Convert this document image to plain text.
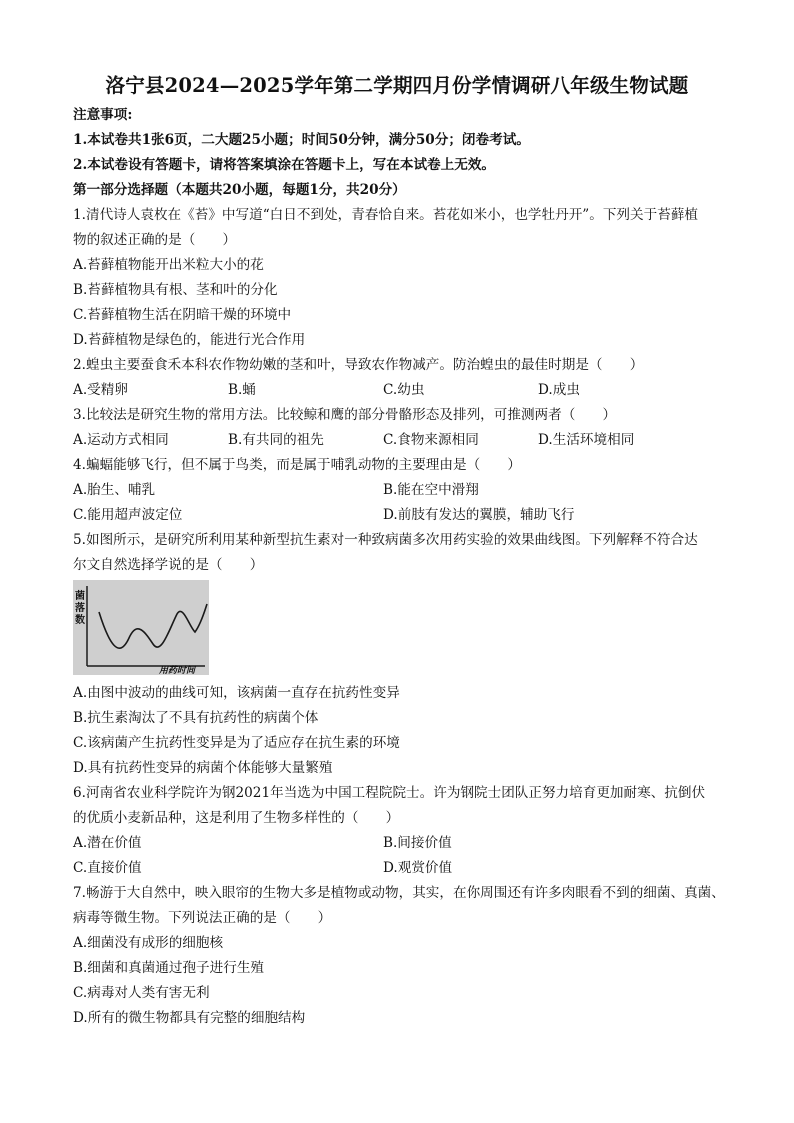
洛宁县2024—2025学年第二学期四月份学情调研八年级生物试题
注意事项:
1.本试卷共1张6页，二大题25小题；时间50分钟，满分50分；闭卷考试。
2.本试卷设有答题卡，请将答案填涂在答题卡上，写在本试卷上无效。
第一部分选择题（本题共20小题，每题1分，共20分）
1.清代诗人袁枚在《苔》中写道“白日不到处，青春恰自来。苔花如米小，也学牡丹开”。下列关于苔藓植
物的叙述正确的是（　　）
A.苔藓植物能开出米粒大小的花
B.苔藓植物具有根、茎和叶的分化
C.苔藓植物生活在阴暗干燥的环境中
D.苔藓植物是绿色的，能进行光合作用
2.蝗虫主要蚕食禾本科农作物幼嫩的茎和叶，导致农作物减产。防治蝗虫的最佳时期是（　　）
A.受精卵	B.蛹	C.幼虫	D.成虫
3.比较法是研究生物的常用方法。比较鲸和鹰的部分骨骼形态及排列，可推测两者（　　）
A.运动方式相同	B.有共同的祖先	C.食物来源相同	D.生活环境相同
4.蝙蝠能够飞行，但不属于鸟类，而是属于哺乳动物的主要理由是（　　）
A.胎生、哺乳	B.能在空中滑翔
C.能用超声波定位	D.前肢有发达的翼膜，辅助飞行
5.如图所示，是研究所利用某种新型抗生素对一种致病菌多次用药实验的效果曲线图。下列解释不符合达
尔文自然选择学说的是（　　）
菌落数
用药时间
A.由图中波动的曲线可知，该病菌一直存在抗药性变异
B.抗生素淘汰了不具有抗药性的病菌个体
C.该病菌产生抗药性变异是为了适应存在抗生素的环境
D.具有抗药性变异的病菌个体能够大量繁殖
6.河南省农业科学院许为钢2021年当选为中国工程院院士。许为钢院士团队正努力培育更加耐寒、抗倒伏
的优质小麦新品种，这是利用了生物多样性的（　　）
A.潜在价值	B.间接价值
C.直接价值	D.观赏价值
7.畅游于大自然中，映入眼帘的生物大多是植物或动物，其实，在你周围还有许多肉眼看不到的细菌、真菌、
病毒等微生物。下列说法正确的是（　　）
A.细菌没有成形的细胞核
B.细菌和真菌通过孢子进行生殖
C.病毒对人类有害无利
D.所有的微生物都具有完整的细胞结构
